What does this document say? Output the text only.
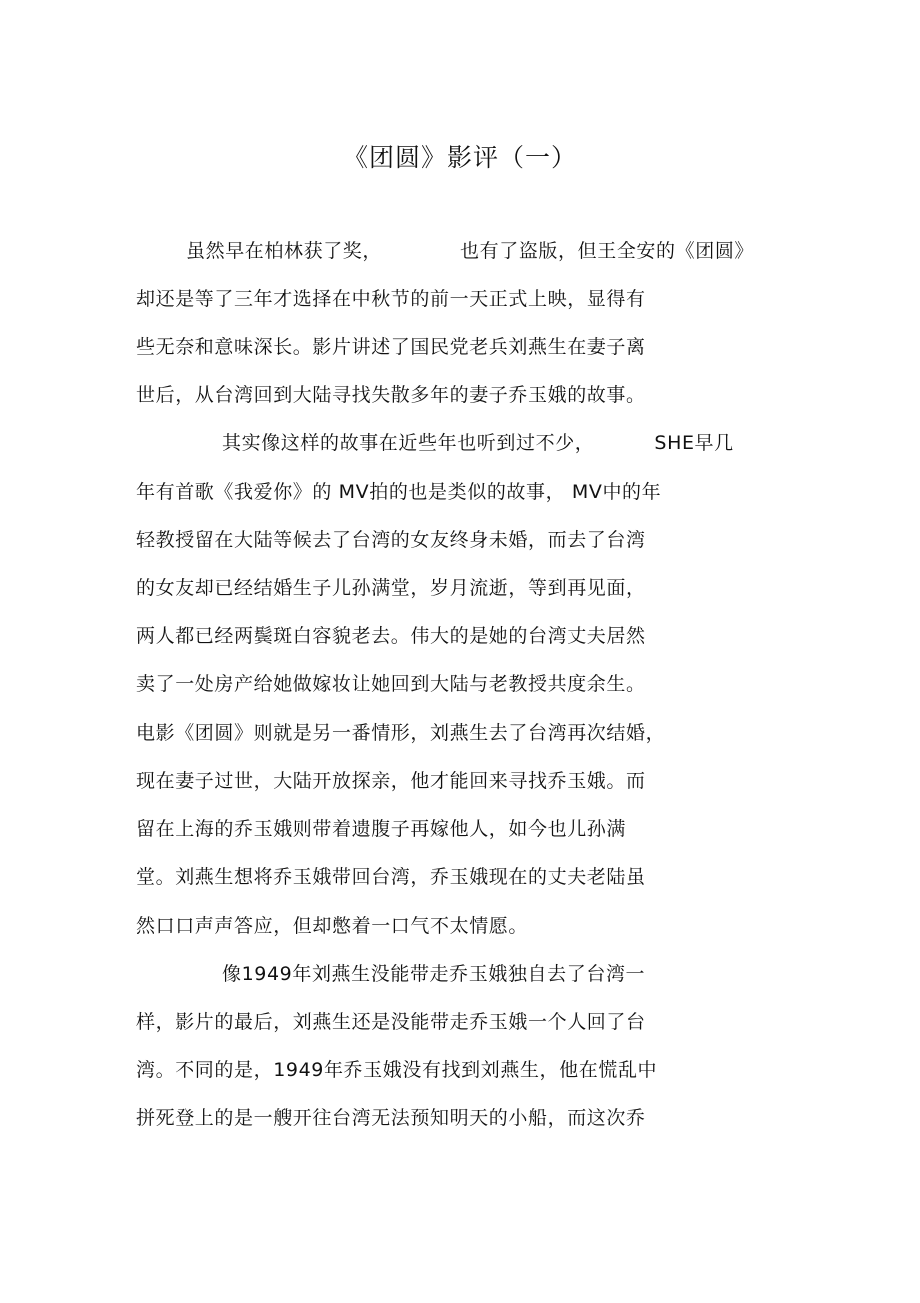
《团圆》影评（一）
虽然早在柏林获了奖，	也有了盗版，但王全安的《团圆》
却还是等了三年才选择在中秋节的前一天正式上映，显得有
些无奈和意味深长。影片讲述了国民党老兵刘燕生在妻子离
世后，从台湾回到大陆寻找失散多年的妻子乔玉娥的故事。
其实像这样的故事在近些年也听到过不少，	SHE早几
年有首歌《我爱你》的 MV拍的也是类似的故事， MV中的年
轻教授留在大陆等候去了台湾的女友终身未婚，而去了台湾
的女友却已经结婚生子儿孙满堂，岁月流逝，等到再见面，
两人都已经两鬓斑白容貌老去。伟大的是她的台湾丈夫居然
卖了一处房产给她做嫁妆让她回到大陆与老教授共度余生。
电影《团圆》则就是另一番情形，刘燕生去了台湾再次结婚，
现在妻子过世，大陆开放探亲，他才能回来寻找乔玉娥。而
留在上海的乔玉娥则带着遗腹子再嫁他人，如今也儿孙满
堂。刘燕生想将乔玉娥带回台湾，乔玉娥现在的丈夫老陆虽
然口口声声答应，但却憋着一口气不太情愿。
像1949年刘燕生没能带走乔玉娥独自去了台湾一
样，影片的最后，刘燕生还是没能带走乔玉娥一个人回了台
湾。不同的是，1949年乔玉娥没有找到刘燕生，他在慌乱中
拼死登上的是一艘开往台湾无法预知明天的小船，而这次乔
